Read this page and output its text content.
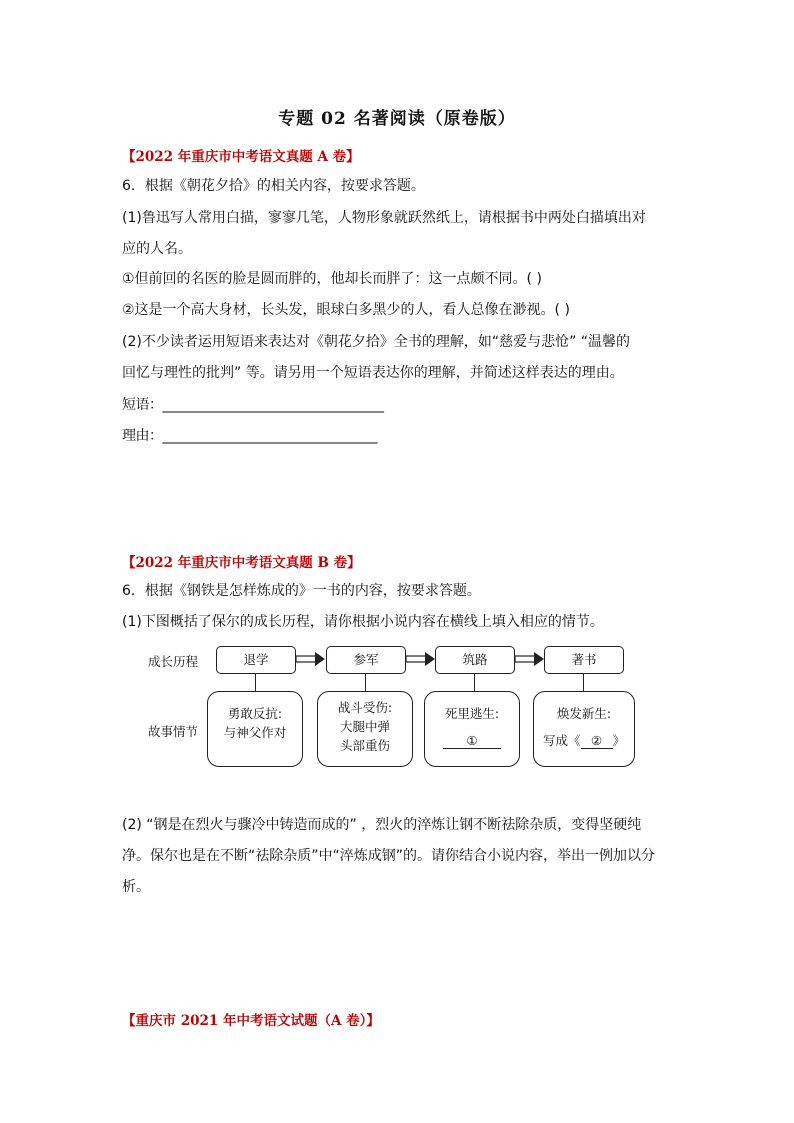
专题 02 名著阅读（原卷版）
【2022 年重庆市中考语文真题 A 卷】
6．根据《朝花夕拾》的相关内容，按要求答题。
(1)鲁迅写人常用白描，寥寥几笔，人物形象就跃然纸上，请根据书中两处白描填出对
应的人名。
①但前回的名医的脸是圆而胖的，他却长而胖了：这一点颇不同。( )
②这是一个高大身材，长头发，眼球白多黑少的人，看人总像在渺视。( )
(2)不少读者运用短语来表达对《朝花夕拾》全书的理解，如“慈爱与悲怆” “温馨的
回忆与理性的批判” 等。请另用一个短语表达你的理解，并简述这样表达的理由。
短语：__________________________________
理由：_________________________________
【2022 年重庆市中考语文真题 B 卷】
6．根据《钢铁是怎样炼成的》一书的内容，按要求答题。
(1)下图概括了保尔的成长历程，请你根据小说内容在横线上填入相应的情节。
成长历程
故事情节
退学	参军	筑路	著书
勇敢反抗:
与神父作对
战斗受伤:
大腿中弹
头部重伤
死里逃生:
①
焕发新生:
写成《 ② 》
(2) “钢是在烈火与骤冷中铸造而成的” ，烈火的淬炼让钢不断祛除杂质，变得坚硬纯
净。保尔也是在不断“祛除杂质”中“淬炼成钢”的。请你结合小说内容，举出一例加以分
析。
【重庆市 2021 年中考语文试题（A 卷）】
